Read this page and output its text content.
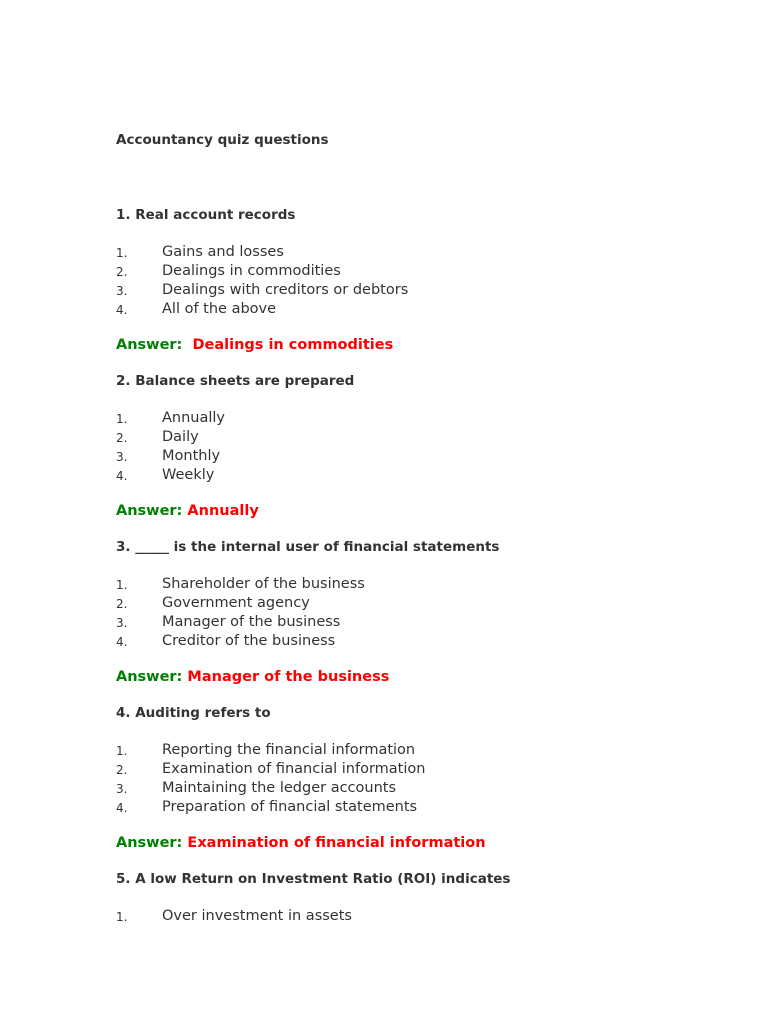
Accountancy quiz questions
1. Real account records
1. Gains and losses
2. Dealings in commodities
3. Dealings with creditors or debtors
4. All of the above
Answer: Dealings in commodities
2. Balance sheets are prepared
1. Annually
2. Daily
3. Monthly
4. Weekly
Answer: Annually
3. _____ is the internal user of financial statements
1. Shareholder of the business
2. Government agency
3. Manager of the business
4. Creditor of the business
Answer: Manager of the business
4. Auditing refers to
1. Reporting the financial information
2. Examination of financial information
3. Maintaining the ledger accounts
4. Preparation of financial statements
Answer: Examination of financial information
5. A low Return on Investment Ratio (ROI) indicates
1. Over investment in assets
